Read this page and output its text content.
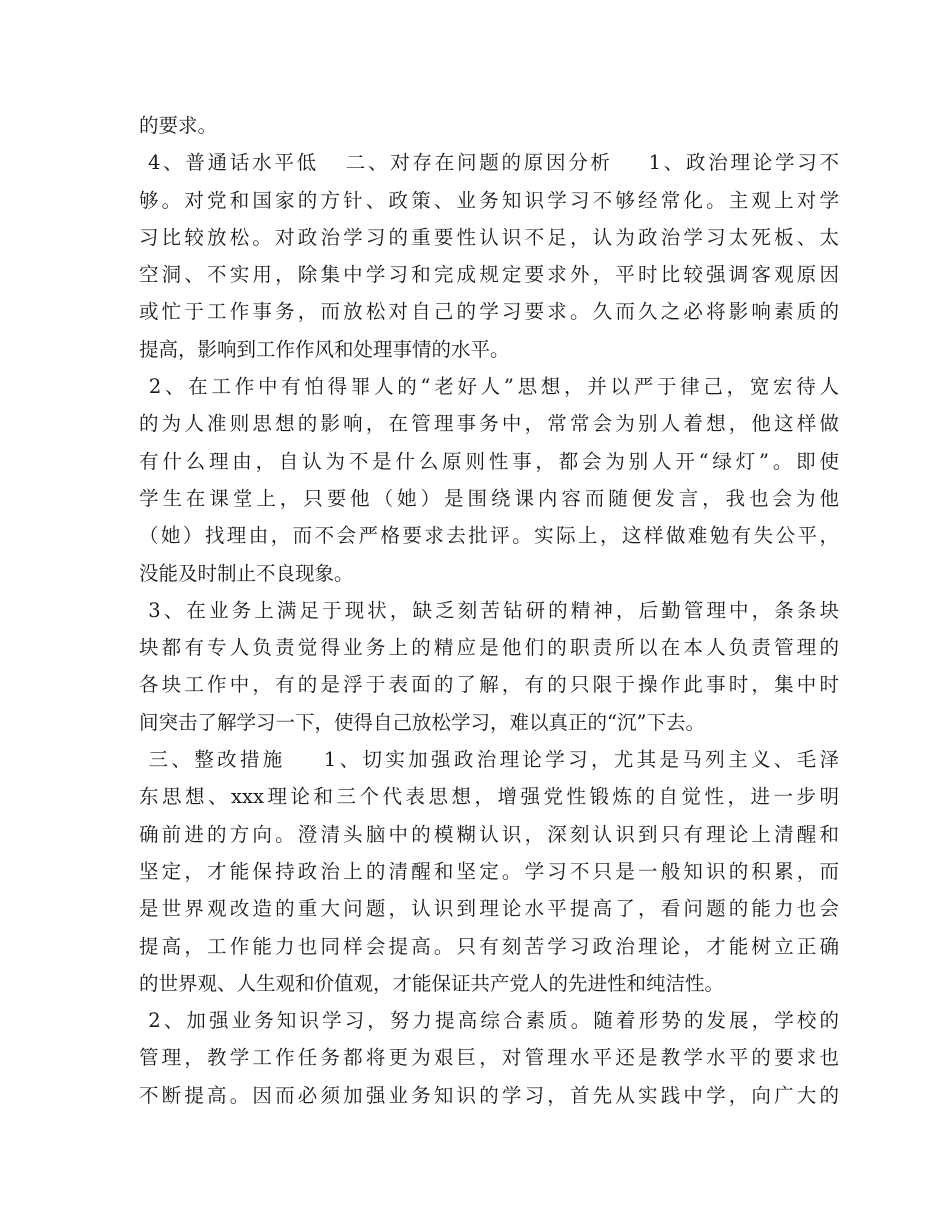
的要求。
4、普通话水平低   二、对存在问题的原因分析    1、政治理论学习不
够。对党和国家的方针、政策、业务知识学习不够经常化。主观上对学
习比较放松。对政治学习的重要性认识不足，认为政治学习太死板、太
空洞、不实用，除集中学习和完成规定要求外，平时比较强调客观原因
或忙于工作事务，而放松对自己的学习要求。久而久之必将影响素质的
提高，影响到工作作风和处理事情的水平。
2、在工作中有怕得罪人的“老好人”思想，并以严于律己，宽宏待人
的为人准则思想的影响，在管理事务中，常常会为别人着想，他这样做
有什么理由，自认为不是什么原则性事，都会为别人开“绿灯”。即使
学生在课堂上，只要他（她）是围绕课内容而随便发言，我也会为他
（她）找理由，而不会严格要求去批评。实际上，这样做难勉有失公平，
没能及时制止不良现象。
3、在业务上满足于现状，缺乏刻苦钻研的精神，后勤管理中，条条块
块都有专人负责觉得业务上的精应是他们的职责所以在本人负责管理的
各块工作中，有的是浮于表面的了解，有的只限于操作此事时，集中时
间突击了解学习一下，使得自己放松学习，难以真正的“沉”下去。
三、整改措施    1、切实加强政治理论学习，尤其是马列主义、毛泽
东思想、xxx理论和三个代表思想，增强党性锻炼的自觉性，进一步明
确前进的方向。澄清头脑中的模糊认识，深刻认识到只有理论上清醒和
坚定，才能保持政治上的清醒和坚定。学习不只是一般知识的积累，而
是世界观改造的重大问题，认识到理论水平提高了，看问题的能力也会
提高，工作能力也同样会提高。只有刻苦学习政治理论，才能树立正确
的世界观、人生观和价值观，才能保证共产党人的先进性和纯洁性。
2、加强业务知识学习，努力提高综合素质。随着形势的发展，学校的
管理，教学工作任务都将更为艰巨，对管理水平还是教学水平的要求也
不断提高。因而必须加强业务知识的学习，首先从实践中学，向广大的
